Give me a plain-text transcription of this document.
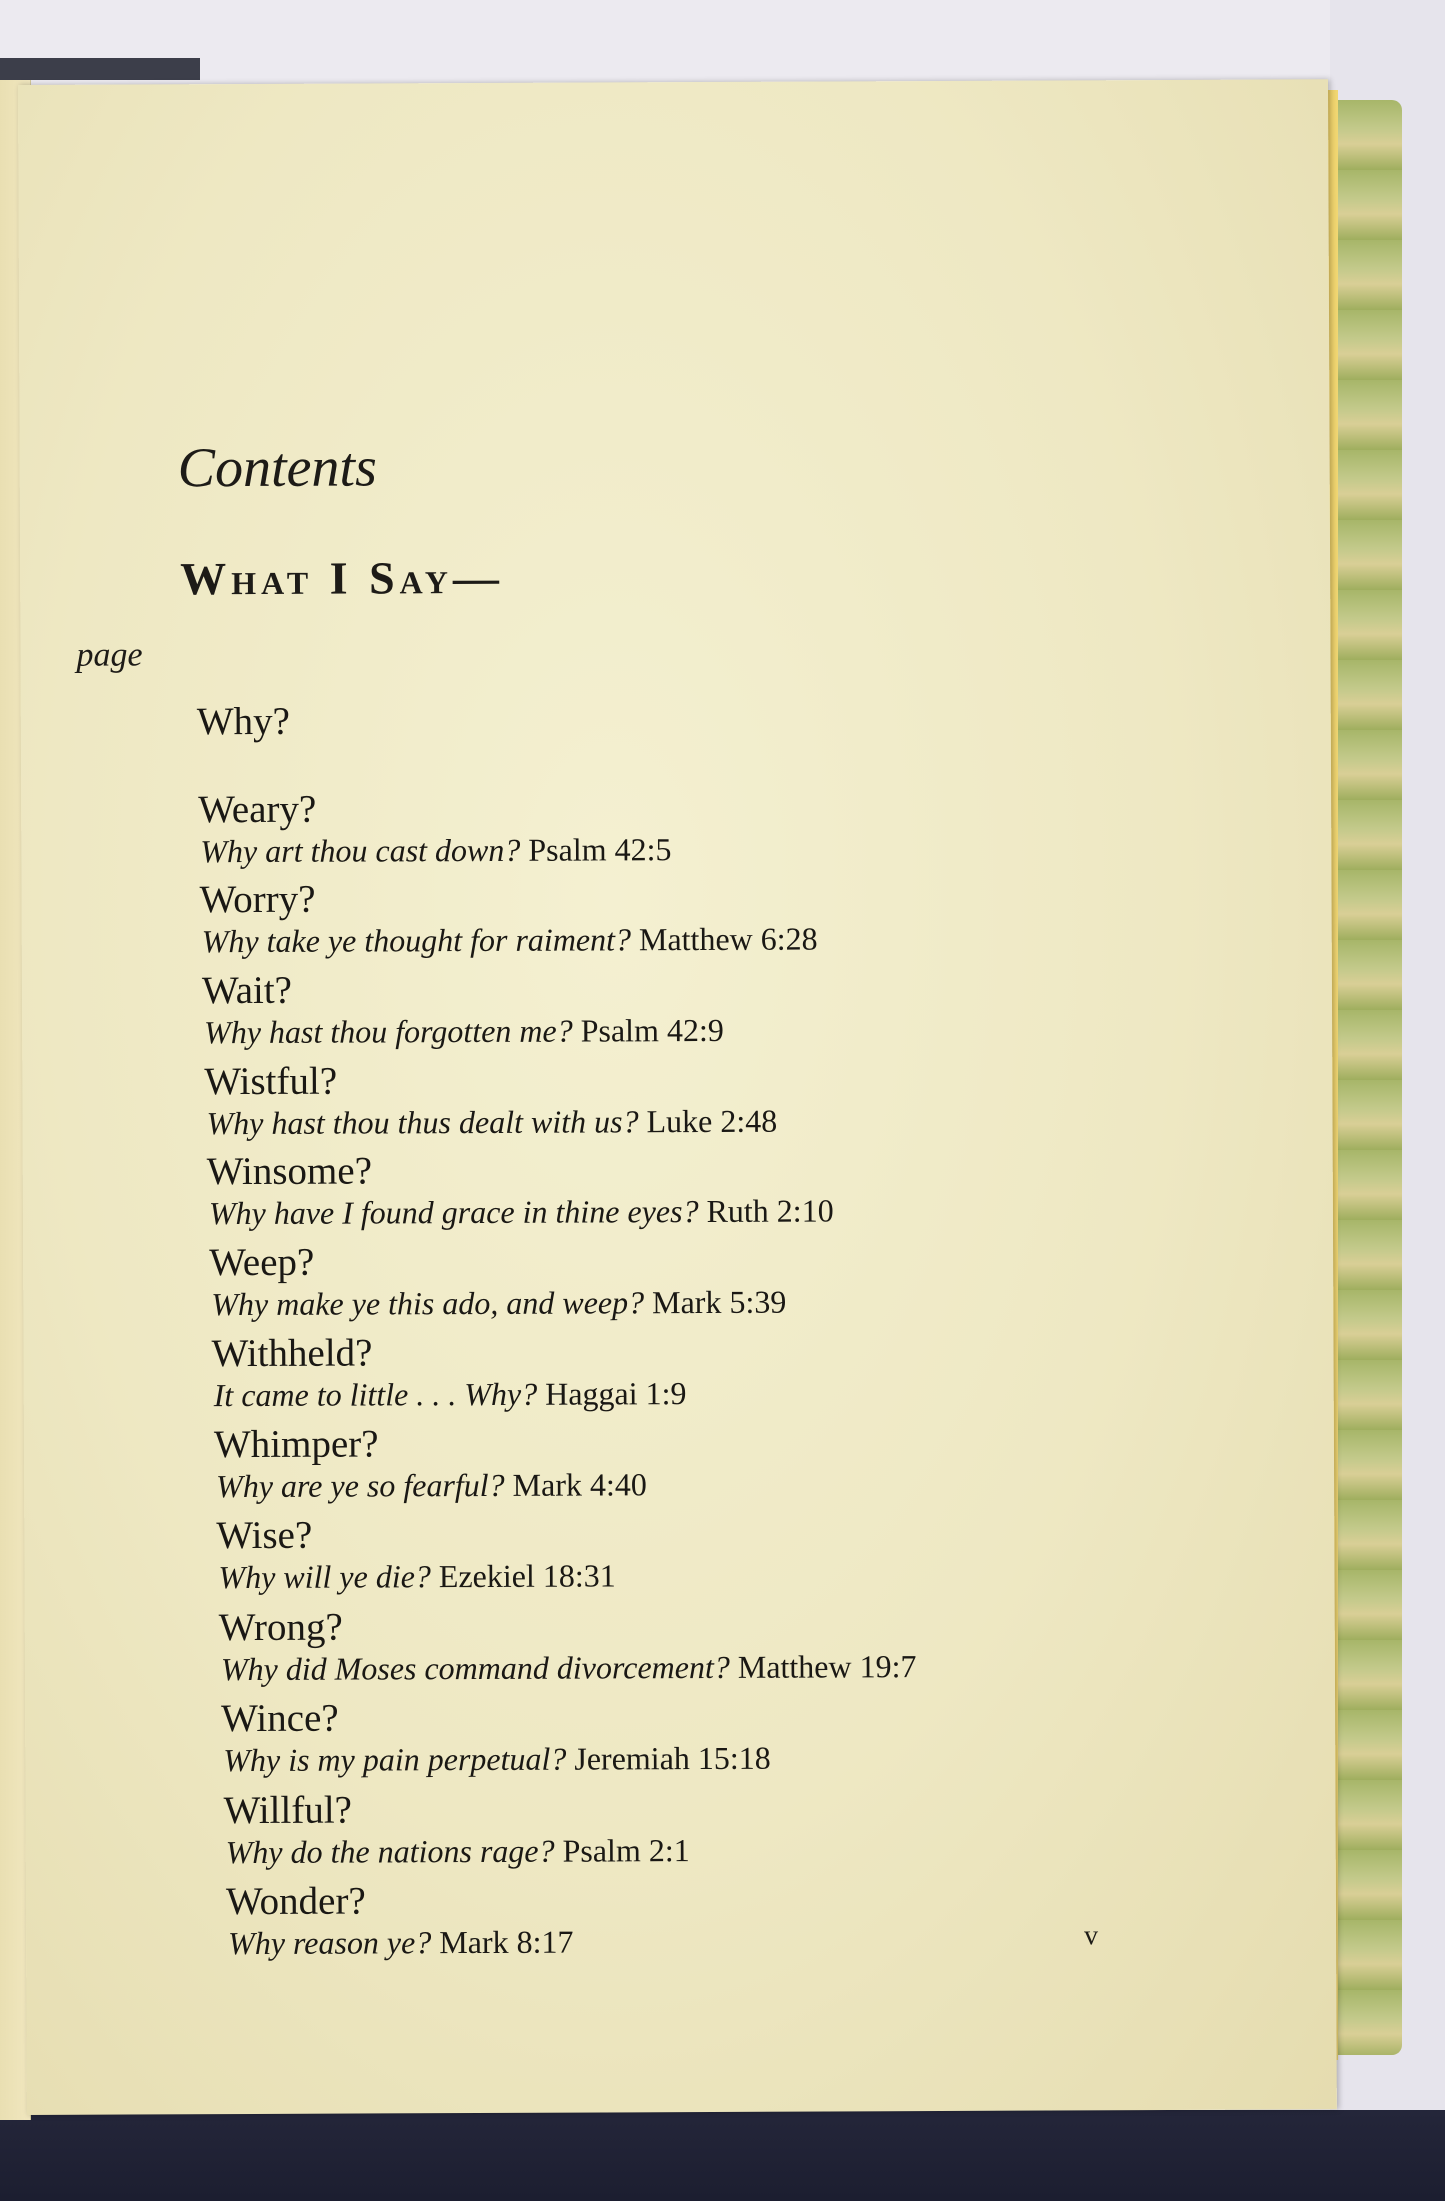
Contents
What I Say—
page
Why?
Weary?
Why art thou cast down? Psalm 42:5
Worry?
Why take ye thought for raiment? Matthew 6:28
Wait?
Why hast thou forgotten me? Psalm 42:9
Wistful?
Why hast thou thus dealt with us? Luke 2:48
Winsome?
Why have I found grace in thine eyes? Ruth 2:10
Weep?
Why make ye this ado, and weep? Mark 5:39
Withheld?
It came to little . . . Why? Haggai 1:9
Whimper?
Why are ye so fearful? Mark 4:40
Wise?
Why will ye die? Ezekiel 18:31
Wrong?
Why did Moses command divorcement? Matthew 19:7
Wince?
Why is my pain perpetual? Jeremiah 15:18
Willful?
Why do the nations rage? Psalm 2:1
Wonder?
Why reason ye? Mark 8:17	v
